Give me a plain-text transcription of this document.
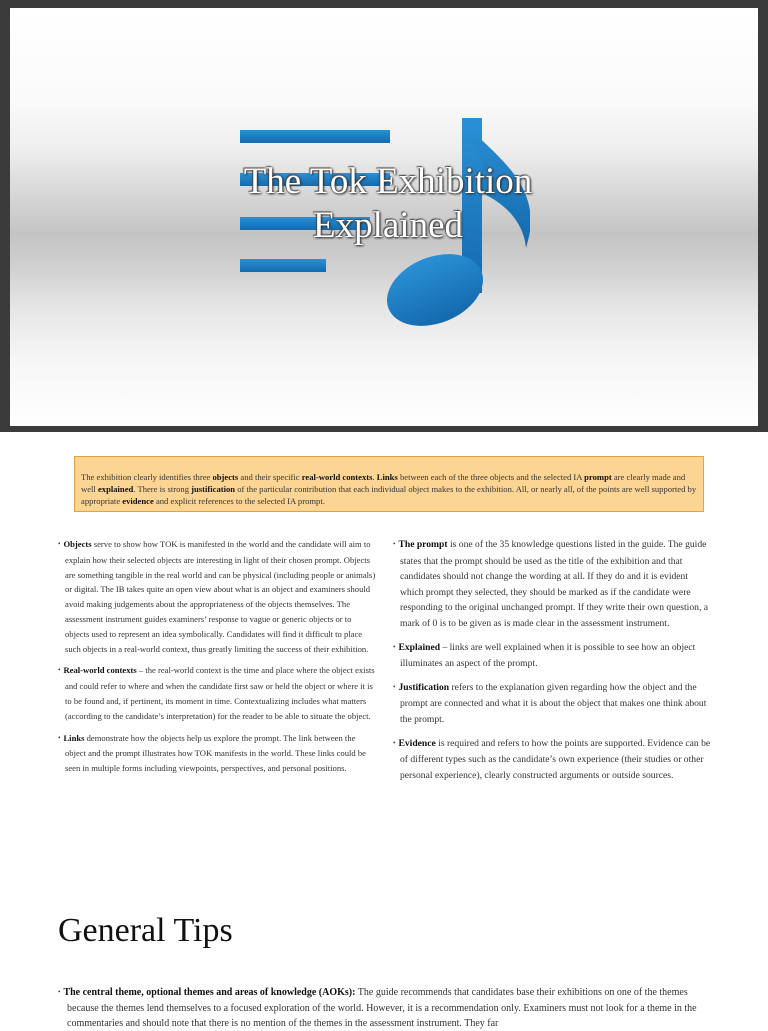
The Tok Exhibition
Explained
The exhibition clearly identifies three objects and their specific real-world contexts. Links between each of the three objects and the selected IA prompt are clearly made and well explained. There is strong justification of the particular contribution that each individual object makes to the exhibition. All, or nearly all, of the points are well supported by appropriate evidence and explicit references to the selected IA prompt.

• Objects serve to show how TOK is manifested in the world and the candidate will aim to explain how their selected objects are interesting in light of their chosen prompt. Objects are something tangible in the real world and can be physical (including people or animals) or digital. The IB takes quite an open view about what is an object and examiners should avoid making judgements about the appropriateness of the objects themselves. The assessment instrument guides examiners’ response to vague or generic objects or to objects used to represent an idea symbolically. Candidates will find it difficult to place such objects in a real-world context, thus greatly limiting the success of their exhibition.

• Real-world contexts – the real-world context is the time and place where the object exists and could refer to where and when the candidate first saw or held the object or where it is to be found and, if pertinent, its moment in time. Contextualizing includes what matters (according to the candidate’s interpretation) for the reader to be able to situate the object.

• Links demonstrate how the objects help us explore the prompt. The link between the object and the prompt illustrates how TOK manifests in the world. These links could be seen in multiple forms including viewpoints, perspectives, and personal positions.

• The prompt is one of the 35 knowledge questions listed in the guide. The guide states that the prompt should be used as the title of the exhibition and that candidates should not change the wording at all. If they do and it is evident which prompt they selected, they should be marked as if the candidate were responding to the original unchanged prompt. If they write their own question, a mark of 0 is to be given as is made clear in the assessment instrument.

• Explained – links are well explained when it is possible to see how an object illuminates an aspect of the prompt.

• Justification refers to the explanation given regarding how the object and the prompt are connected and what it is about the object that makes one think about the prompt.

• Evidence is required and refers to how the points are supported. Evidence can be of different types such as the candidate’s own experience (their studies or other personal experience), clearly constructed arguments or outside sources.

General Tips

• The central theme, optional themes and areas of knowledge (AOKs): The guide recommends that candidates base their exhibitions on one of the themes because the themes lend themselves to a focused exploration of the world. However, it is a recommendation only. Examiners must not look for a theme in the commentaries and should note that there is no mention of the themes in the assessment instrument. They far
